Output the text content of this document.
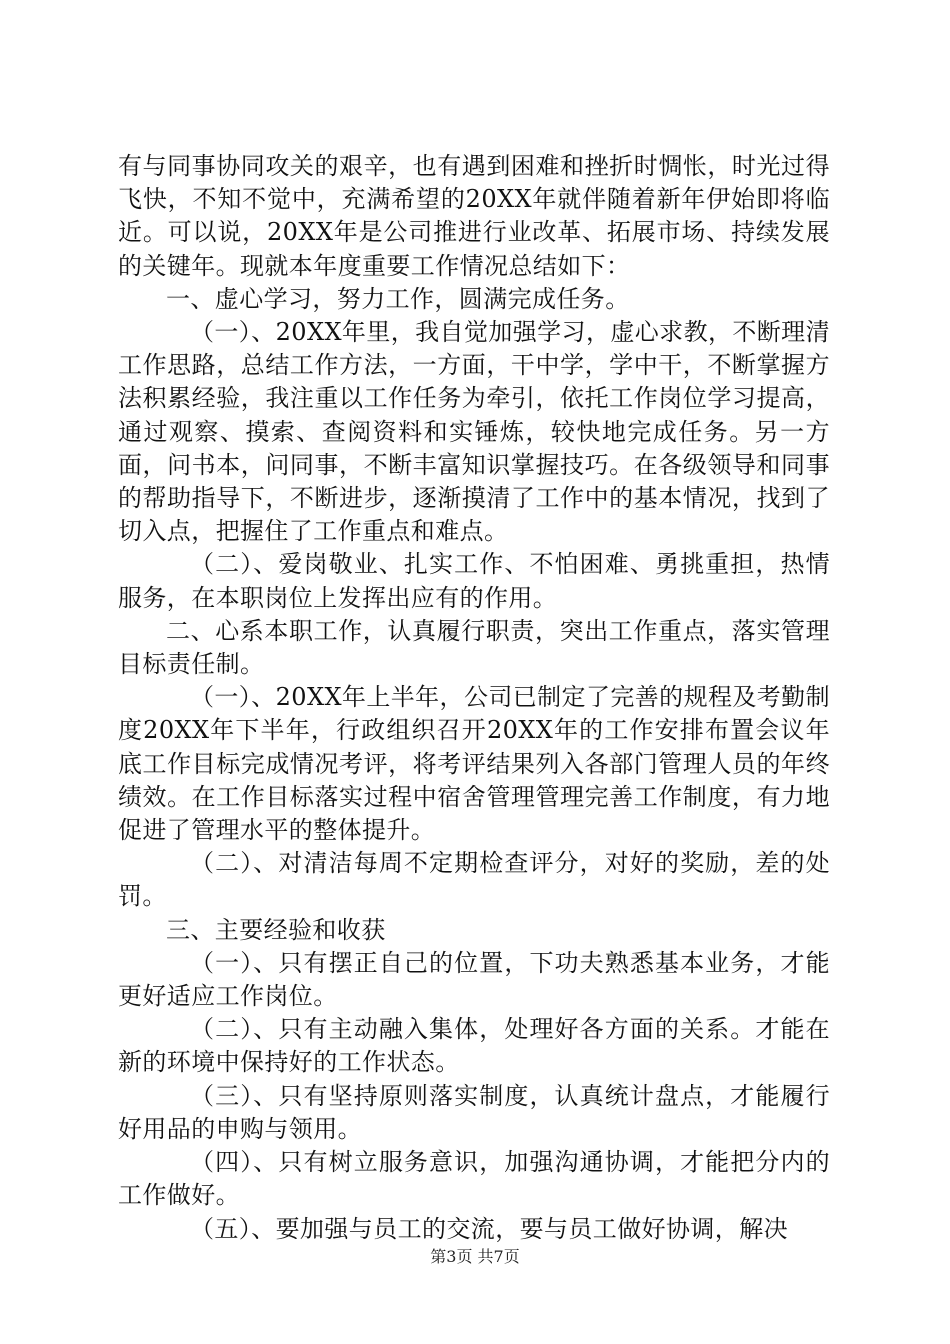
有与同事协同攻关的艰辛，也有遇到困难和挫折时惆怅，时光过得飞快，不知不觉中，充满希望的20XX年就伴随着新年伊始即将临近。可以说，20XX年是公司推进行业改革、拓展市场、持续发展的关键年。现就本年度重要工作情况总结如下：

一、虚心学习，努力工作，圆满完成任务。

（一）、20XX年里，我自觉加强学习，虚心求教，不断理清工作思路，总结工作方法，一方面，干中学，学中干，不断掌握方法积累经验，我注重以工作任务为牵引，依托工作岗位学习提高，通过观察、摸索、查阅资料和实锤炼，较快地完成任务。另一方面，问书本，问同事，不断丰富知识掌握技巧。在各级领导和同事的帮助指导下，不断进步，逐渐摸清了工作中的基本情况，找到了切入点，把握住了工作重点和难点。

（二）、爱岗敬业、扎实工作、不怕困难、勇挑重担，热情服务，在本职岗位上发挥出应有的作用。

二、心系本职工作，认真履行职责，突出工作重点，落实管理目标责任制。

（一）、20XX年上半年，公司已制定了完善的规程及考勤制度20XX年下半年，行政组织召开20XX年的工作安排布置会议年底工作目标完成情况考评，将考评结果列入各部门管理人员的年终绩效。在工作目标落实过程中宿舍管理管理完善工作制度，有力地促进了管理水平的整体提升。

（二）、对清洁每周不定期检查评分，对好的奖励，差的处罚。

三、主要经验和收获

（一）、只有摆正自己的位置，下功夫熟悉基本业务，才能更好适应工作岗位。

（二）、只有主动融入集体，处理好各方面的关系。才能在新的环境中保持好的工作状态。

（三）、只有坚持原则落实制度，认真统计盘点，才能履行好用品的申购与领用。

（四）、只有树立服务意识，加强沟通协调，才能把分内的工作做好。

（五）、要加强与员工的交流，要与员工做好协调，解决

第3页 共7页
